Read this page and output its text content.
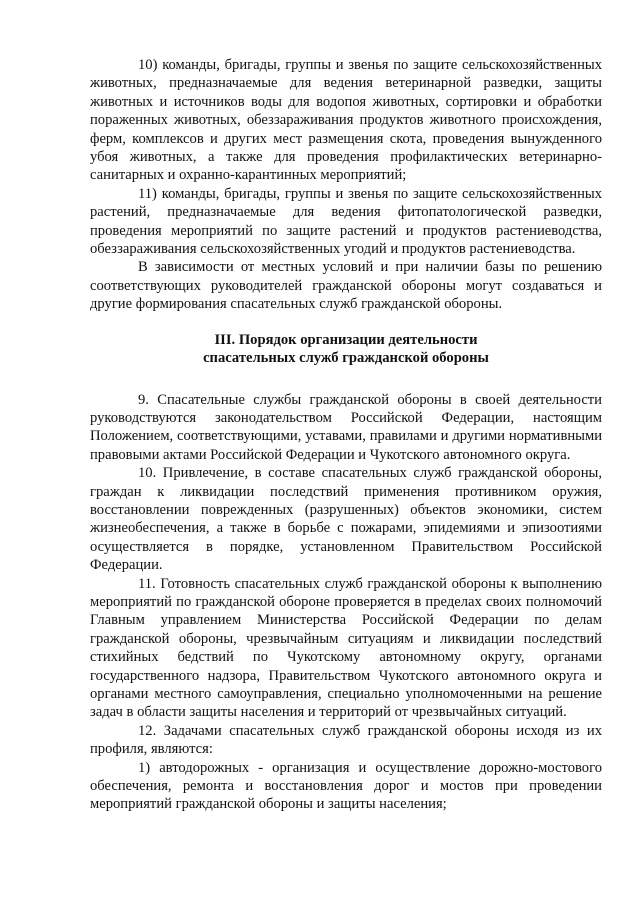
10) команды, бригады, группы и звенья по защите сельскохозяйственных животных, предназначаемые для ведения ветеринарной разведки, защиты животных и источников воды для водопоя животных, сортировки и обработки пораженных животных, обеззараживания продуктов животного происхождения, ферм, комплексов и других мест размещения скота, проведения вынужденного убоя животных, а также для проведения профилактических ветеринарно-санитарных и охранно-карантинных мероприятий;

11) команды, бригады, группы и звенья по защите сельскохозяйственных растений, предназначаемые для ведения фитопатологической разведки, проведения мероприятий по защите растений и продуктов растениеводства, обеззараживания сельскохозяйственных угодий и продуктов растениеводства.

В зависимости от местных условий и при наличии базы по решению соответствующих руководителей гражданской обороны могут создаваться и другие формирования спасательных служб гражданской обороны.

III. Порядок организации деятельности
спасательных служб гражданской обороны

9. Спасательные службы гражданской обороны в своей деятельности руководствуются законодательством Российской Федерации, настоящим Положением, соответствующими, уставами, правилами и другими нормативными правовыми актами Российской Федерации и Чукотского автономного округа.

10. Привлечение, в составе спасательных служб гражданской обороны, граждан к ликвидации последствий применения противником оружия, восстановлении поврежденных (разрушенных) объектов экономики, систем жизнеобеспечения, а также в борьбе с пожарами, эпидемиями и эпизоотиями осуществляется в порядке, установленном Правительством Российской Федерации.

11. Готовность спасательных служб гражданской обороны к выполнению мероприятий по гражданской обороне проверяется в пределах своих полномочий Главным управлением Министерства Российской Федерации по делам гражданской обороны, чрезвычайным ситуациям и ликвидации последствий стихийных бедствий по Чукотскому автономному округу, органами государственного надзора, Правительством Чукотского автономного округа и органами местного самоуправления, специально уполномоченными на решение задач в области защиты населения и территорий от чрезвычайных ситуаций.

12. Задачами спасательных служб гражданской обороны исходя из их профиля, являются:

1) автодорожных - организация и осуществление дорожно-мостового обеспечения, ремонта и восстановления дорог и мостов при проведении мероприятий гражданской обороны и защиты населения;
